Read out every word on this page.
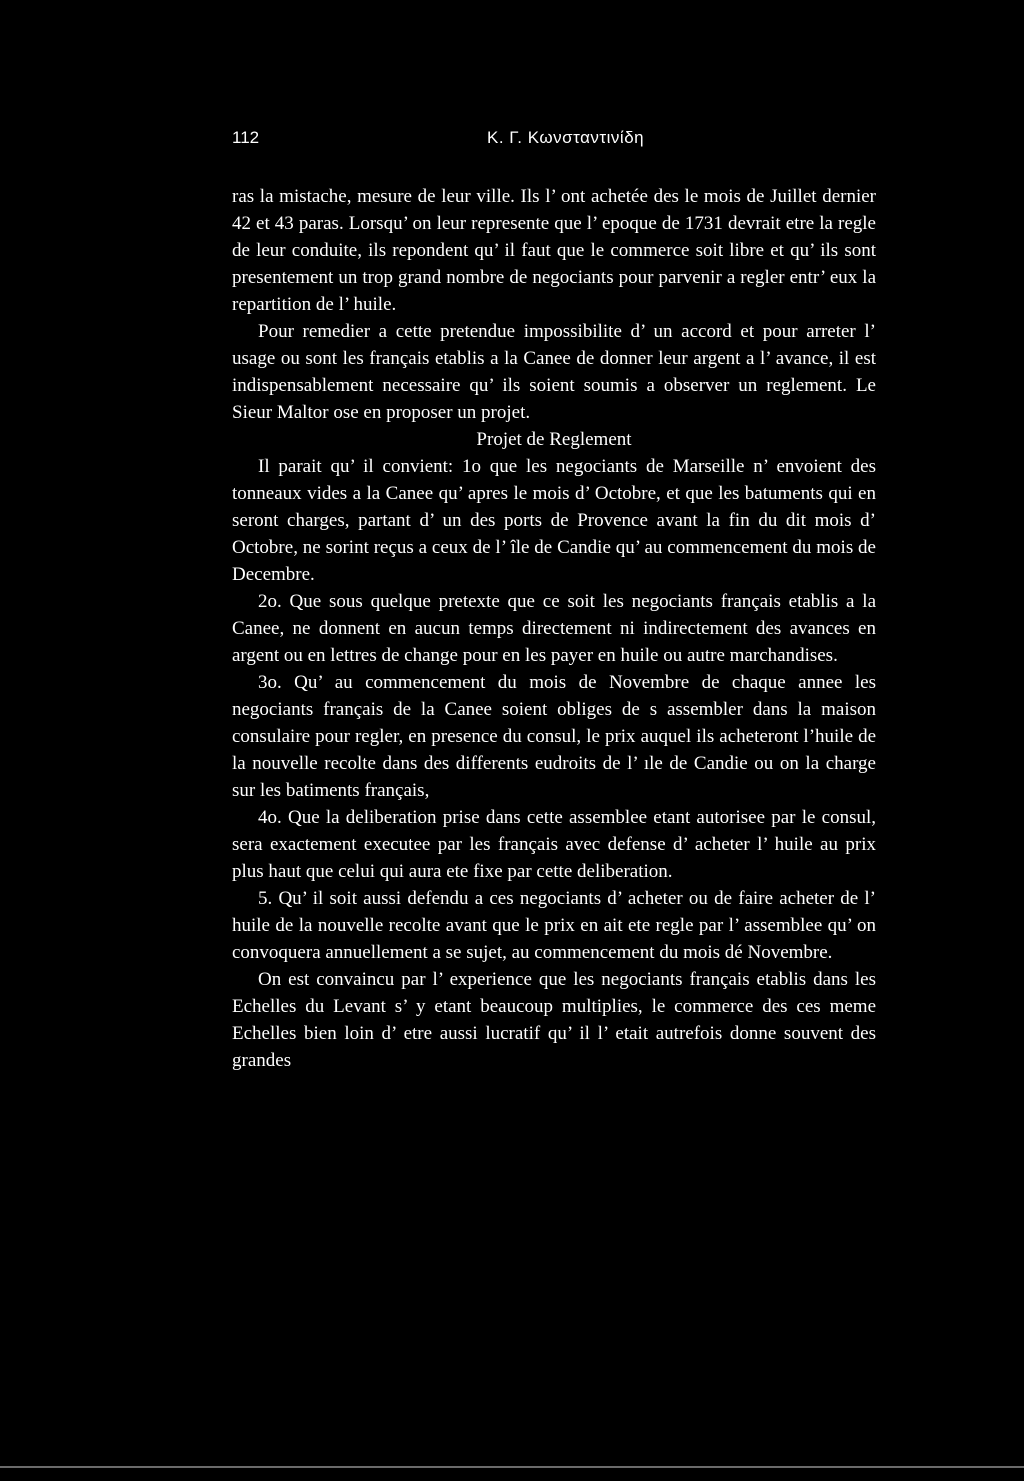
112	K. Γ. Κωνσταντινίδη

ras la mistache, mesure de leur ville. Ils l’ ont achetée des le mois de Juillet dernier 42 et 43 paras. Lorsqu’ on leur represente que l’ epoque de 1731 devrait etre la regle de leur conduite, ils repondent qu’ il faut que le commerce soit libre et qu’ ils sont presentement un trop grand nombre de negociants pour parvenir a regler entr’ eux la repartition de l’ huile.

Pour remedier a cette pretendue impossibilite d’ un accord et pour arreter l’ usage ou sont les français etablis a la Canee de donner leur argent a l’ avance, il est indispensablement necessaire qu’ ils soient soumis a observer un reglement. Le Sieur Maltor ose en proposer un projet.

Projet de Reglement

Il parait qu’ il convient: 1o que les negociants de Marseille n’ envoient des tonneaux vides a la Canee qu’ apres le mois d’ Octobre, et que les batuments qui en seront charges, partant d’ un des ports de Provence avant la fin du dit mois d’ Octobre, ne sorint reçus a ceux de l’ île de Candie qu’ au commencement du mois de Decembre.

2o. Que sous quelque pretexte que ce soit les negociants français etablis a la Canee, ne donnent en aucun temps directement ni indirectement des avances en argent ou en lettres de change pour en les payer en huile ou autre marchandises.

3o. Qu’ au commencement du mois de Novembre de chaque annee les negociants français de la Canee soient obliges de s assembler dans la maison consulaire pour regler, en presence du consul, le prix auquel ils acheteront l’huile de la nouvelle recolte dans des differents eudroits de l’ ıle de Candie ou on la charge sur les batiments français,

4o. Que la deliberation prise dans cette assemblee etant autorisee par le consul, sera exactement executee par les français avec defense d’ acheter l’ huile au prix plus haut que celui qui aura ete fixe par cette deliberation.

5. Qu’ il soit aussi defendu a ces negociants d’ acheter ou de faire acheter de l’ huile de la nouvelle recolte avant que le prix en ait ete regle par l’ assemblee qu’ on convoquera annuellement a se sujet, au commencement du mois dé Novembre.

On est convaincu par l’ experience que les negociants français etablis dans les Echelles du Levant s’ y etant beaucoup multiplies, le commerce des ces meme Echelles bien loin d’ etre aussi lucratif qu’ il l’ etait autrefois donne souvent des grandes
